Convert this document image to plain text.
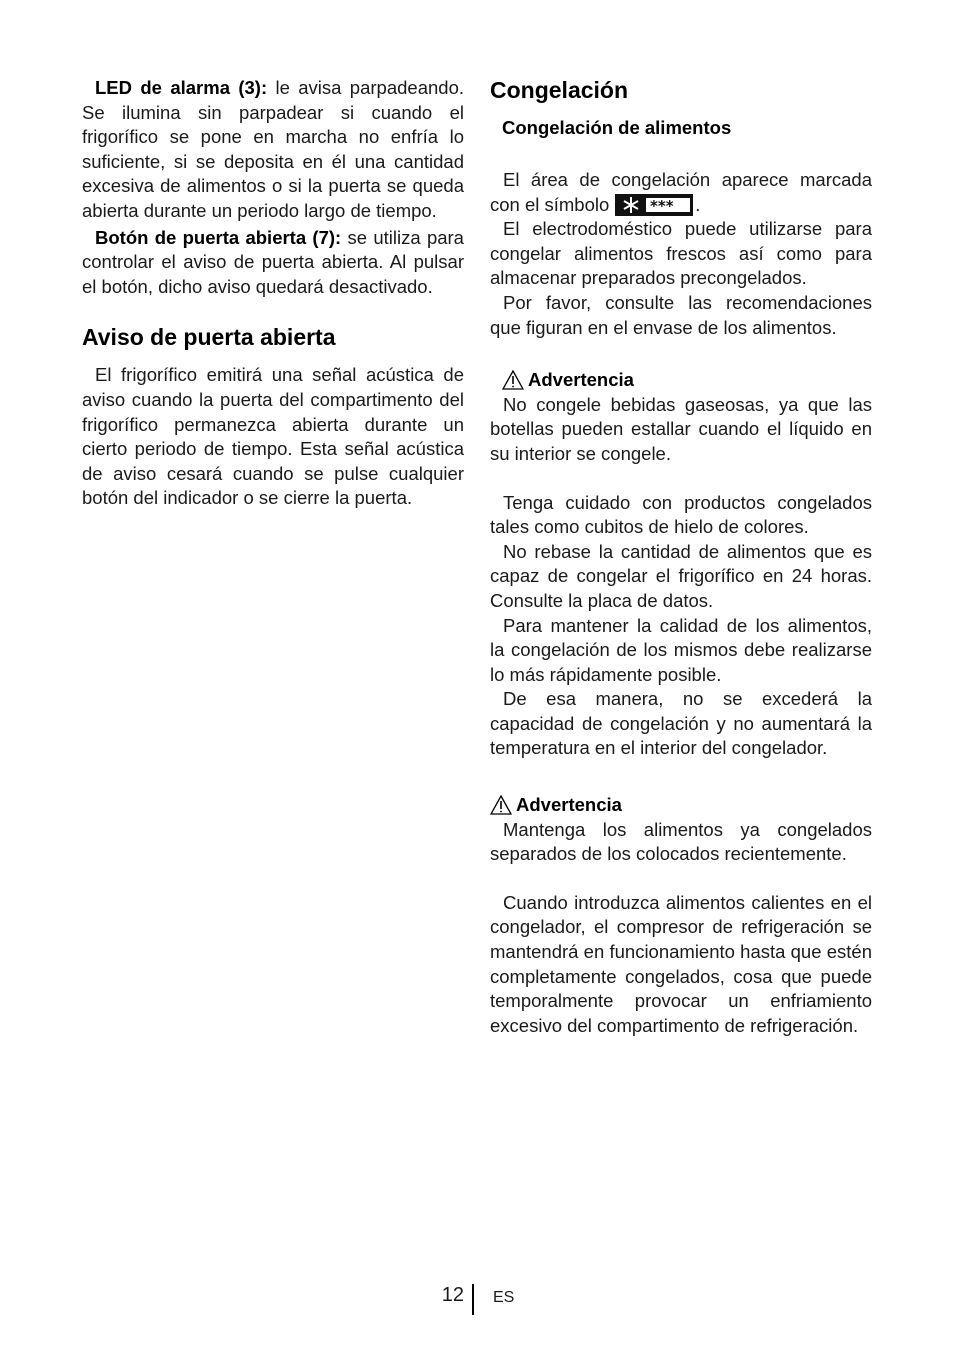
LED de alarma (3): le avisa parpadeando. Se ilumina sin parpadear si cuando el frigorífico se pone en marcha no enfría lo suficiente, si se deposita en él una cantidad excesiva de alimentos o si la puerta se queda abierta durante un periodo largo de tiempo.

Botón de puerta abierta (7): se utiliza para controlar el aviso de puerta abierta. Al pulsar el botón, dicho aviso quedará desactivado.

Aviso de puerta abierta

El frigorífico emitirá una señal acústica de aviso cuando la puerta del compartimento del frigorífico permanezca abierta durante un cierto periodo de tiempo. Esta señal acústica de aviso cesará cuando se pulse cualquier botón del indicador o se cierre la puerta.

Congelación
Congelación de alimentos

El área de congelación aparece marcada con el símbolo	*** .

El electrodoméstico puede utilizarse para congelar alimentos frescos así como para almacenar preparados precongelados.

Por favor, consulte las recomendaciones que figuran en el envase de los alimentos.

Advertencia

No congele bebidas gaseosas, ya que las botellas pueden estallar cuando el líquido en su interior se congele.

Tenga cuidado con productos congelados tales como cubitos de hielo de colores.

No rebase la cantidad de alimentos que es capaz de congelar el frigorífico en 24 horas. Consulte la placa de datos.

Para mantener la calidad de los alimentos, la congelación de los mismos debe realizarse lo más rápidamente posible.

De esa manera, no se excederá la capacidad de congelación y no aumentará la temperatura en el interior del congelador.

Advertencia

Mantenga los alimentos ya congelados separados de los colocados recientemente.

Cuando introduzca alimentos calientes en el congelador, el compresor de refrigeración se mantendrá en funcionamiento hasta que estén completamente congelados, cosa que puede temporalmente provocar un enfriamiento excesivo del compartimento de refrigeración.

12 ES
